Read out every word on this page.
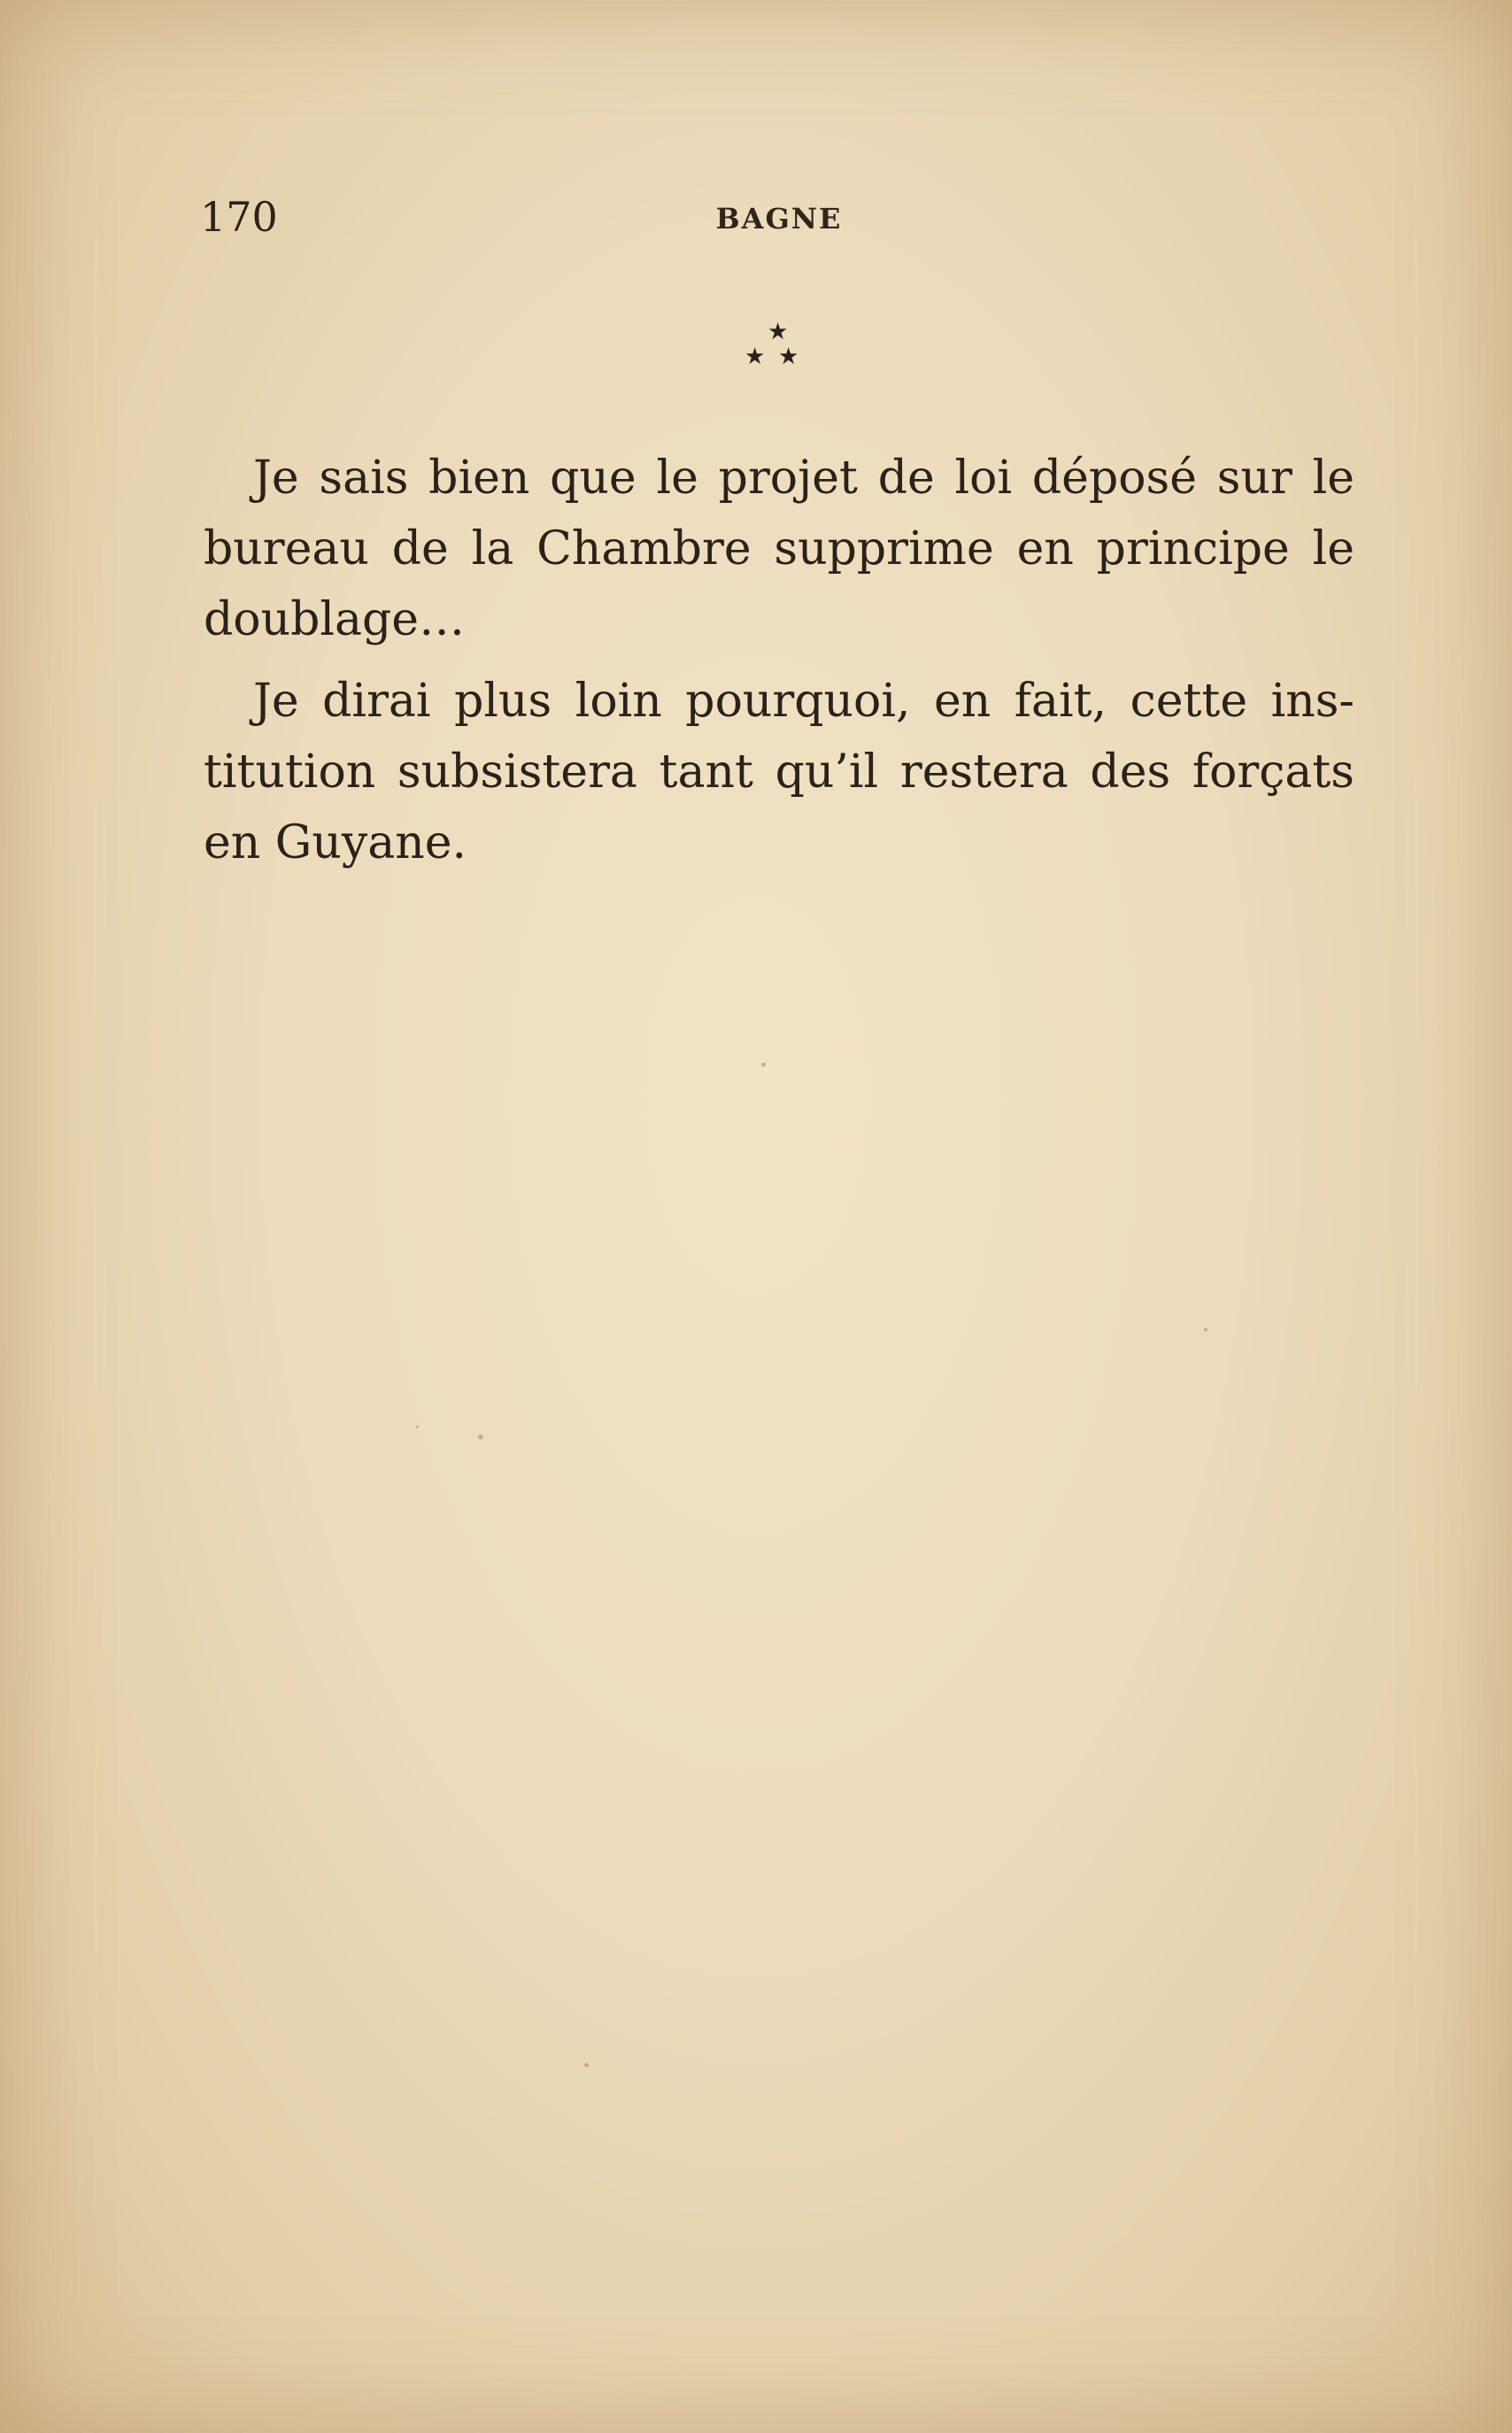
170	BAGNE
★
★ ★

Je sais bien que le projet de loi déposé sur le bureau de la Chambre supprime en principe le doublage…

Je dirai plus loin pourquoi, en fait, cette institution subsistera tant qu’il restera des forçats en Guyane.
